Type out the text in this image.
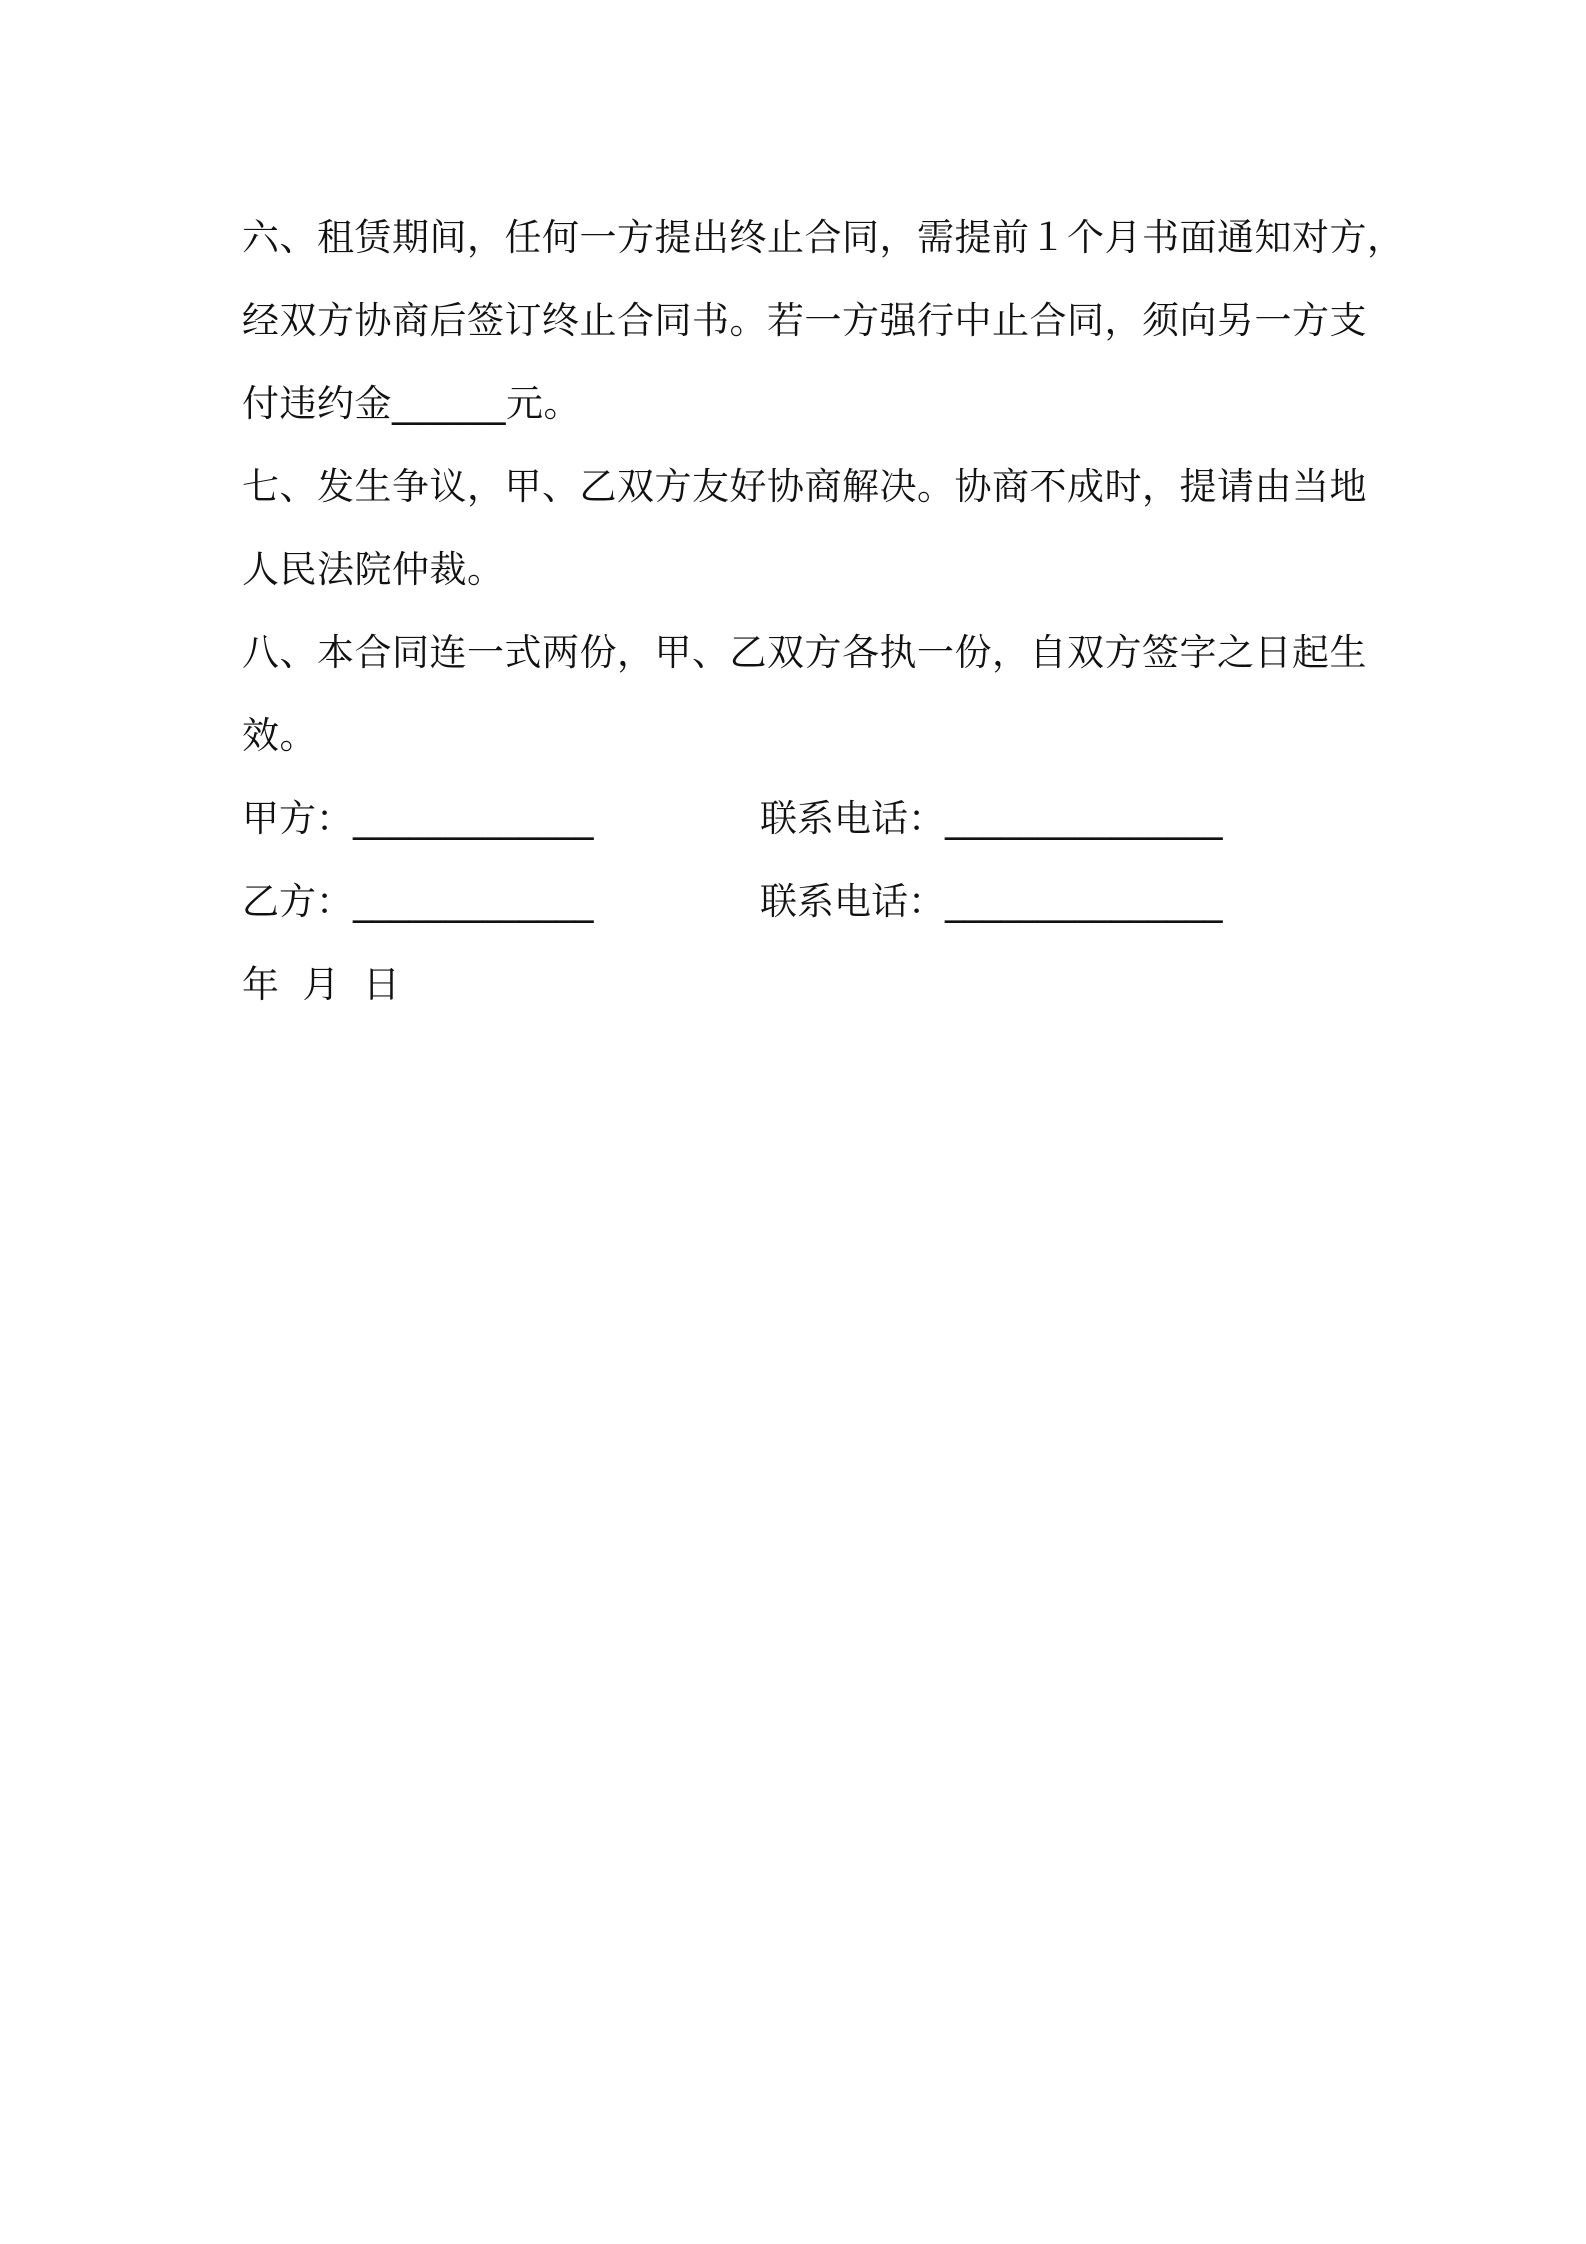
六、租赁期间，任何一方提出终止合同，需提前１个月书面通知对方，
经双方协商后签订终止合同书。若一方强行中止合同，须向另一方支
付违约金______元。
七、发生争议，甲、乙双方友好协商解决。协商不成时，提请由当地
人民法院仲裁。
八、本合同连一式两份，甲、乙双方各执一份，自双方签字之日起生
效。
甲方：_____________	联系电话：_______________
乙方：_____________	联系电话：_______________
年  月  日
